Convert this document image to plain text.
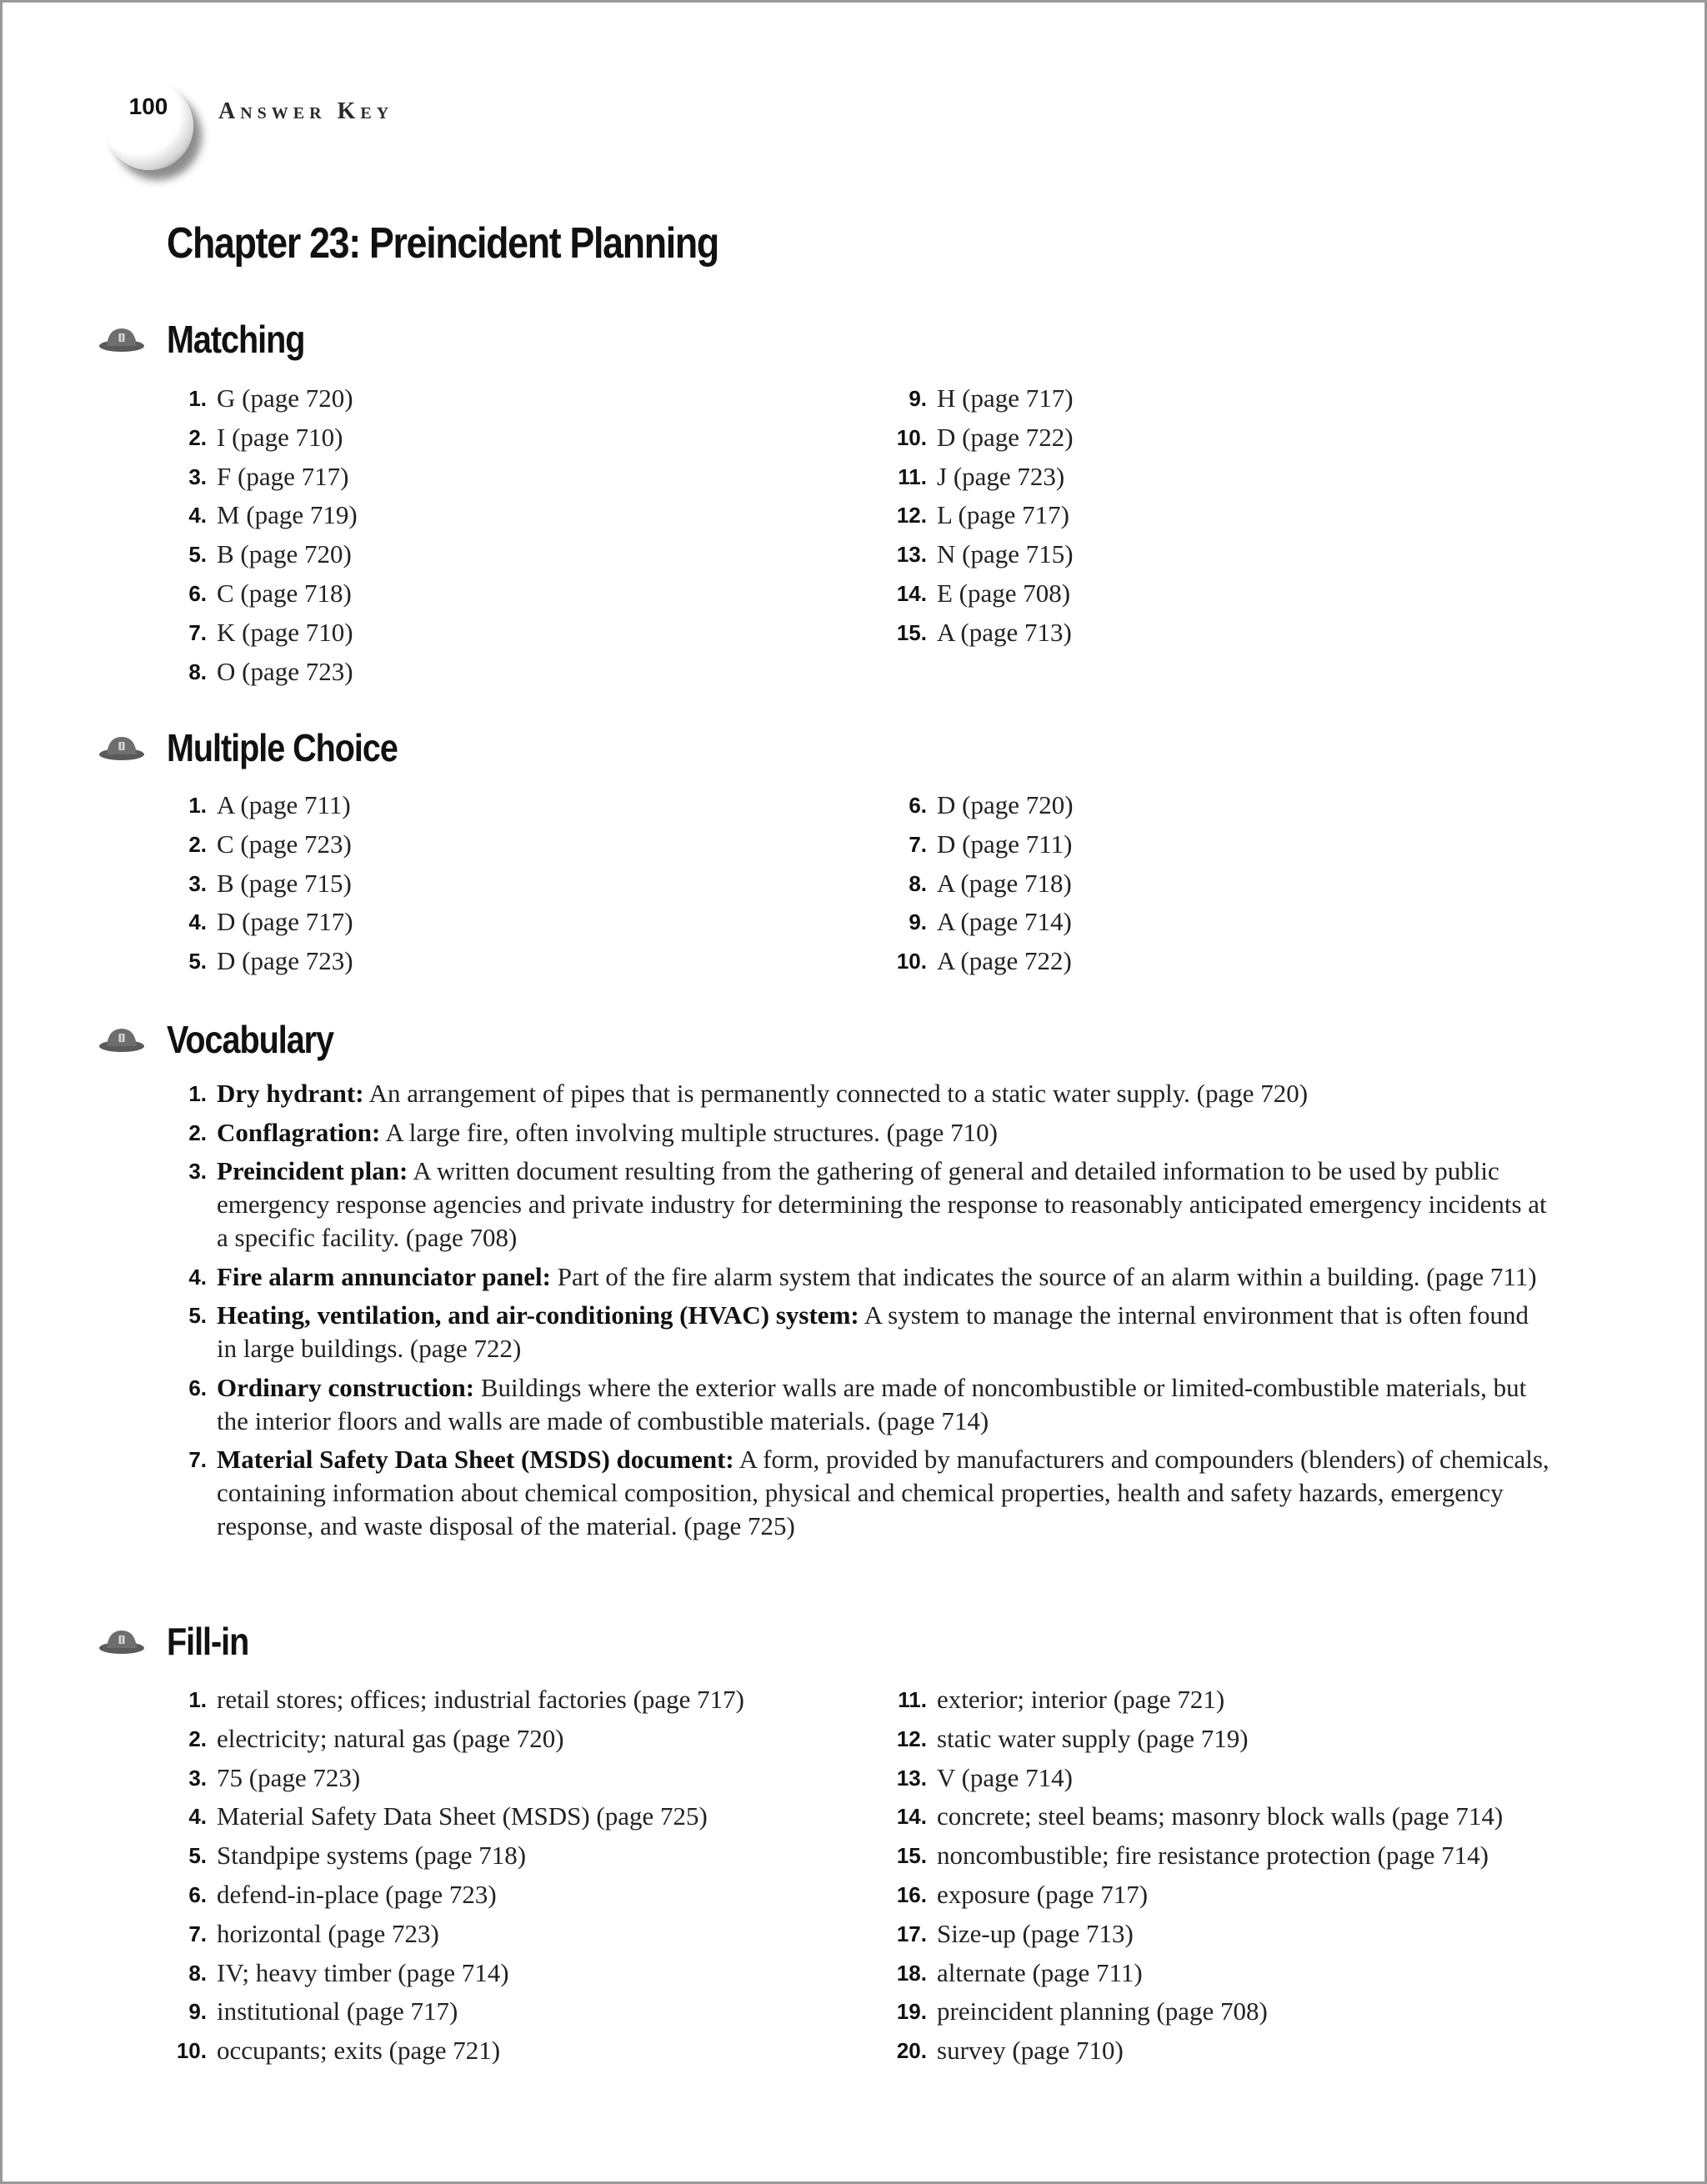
100 Answer Key
Chapter 23: Preincident Planning
Matching
Multiple Choice
Vocabulary
Fill-in
1. G (page 720)
2. I (page 710)
3. F (page 717)
4. M (page 719)
5. B (page 720)
6. C (page 718)
7. K (page 710)
8. O (page 723)
9. H (page 717)
10. D (page 722)
11. J (page 723)
12. L (page 717)
13. N (page 715)
14. E (page 708)
15. A (page 713)
1. A (page 711)
2. C (page 723)
3. B (page 715)
4. D (page 717)
5. D (page 723)
6. D (page 720)
7. D (page 711)
8. A (page 718)
9. A (page 714)
10. A (page 722)
1. Dry hydrant: An arrangement of pipes that is permanently connected to a static water supply. (page 720)
2. Conflagration: A large fire, often involving multiple structures. (page 710)
3. Preincident plan: A written document resulting from the gathering of general and detailed information to be used by public emergency response agencies and private industry for determining the response to reasonably anticipated emergency incidents at a specific facility. (page 708)
4. Fire alarm annunciator panel: Part of the fire alarm system that indicates the source of an alarm within a building. (page 711)
5. Heating, ventilation, and air-conditioning (HVAC) system: A system to manage the internal environment that is often found in large buildings. (page 722)
6. Ordinary construction: Buildings where the exterior walls are made of noncombustible or limited-combustible materials, but the interior floors and walls are made of combustible materials. (page 714)
7. Material Safety Data Sheet (MSDS) document: A form, provided by manufacturers and compounders (blenders) of chemicals, containing information about chemical composition, physical and chemical properties, health and safety hazards, emergency response, and waste disposal of the material. (page 725)
1. retail stores; offices; industrial factories (page 717)
2. electricity; natural gas (page 720)
3. 75 (page 723)
4. Material Safety Data Sheet (MSDS) (page 725)
5. Standpipe systems (page 718)
6. defend-in-place (page 723)
7. horizontal (page 723)
8. IV; heavy timber (page 714)
9. institutional (page 717)
10. occupants; exits (page 721)
11. exterior; interior (page 721)
12. static water supply (page 719)
13. V (page 714)
14. concrete; steel beams; masonry block walls (page 714)
15. noncombustible; fire resistance protection (page 714)
16. exposure (page 717)
17. Size-up (page 713)
18. alternate (page 711)
19. preincident planning (page 708)
20. survey (page 710)
